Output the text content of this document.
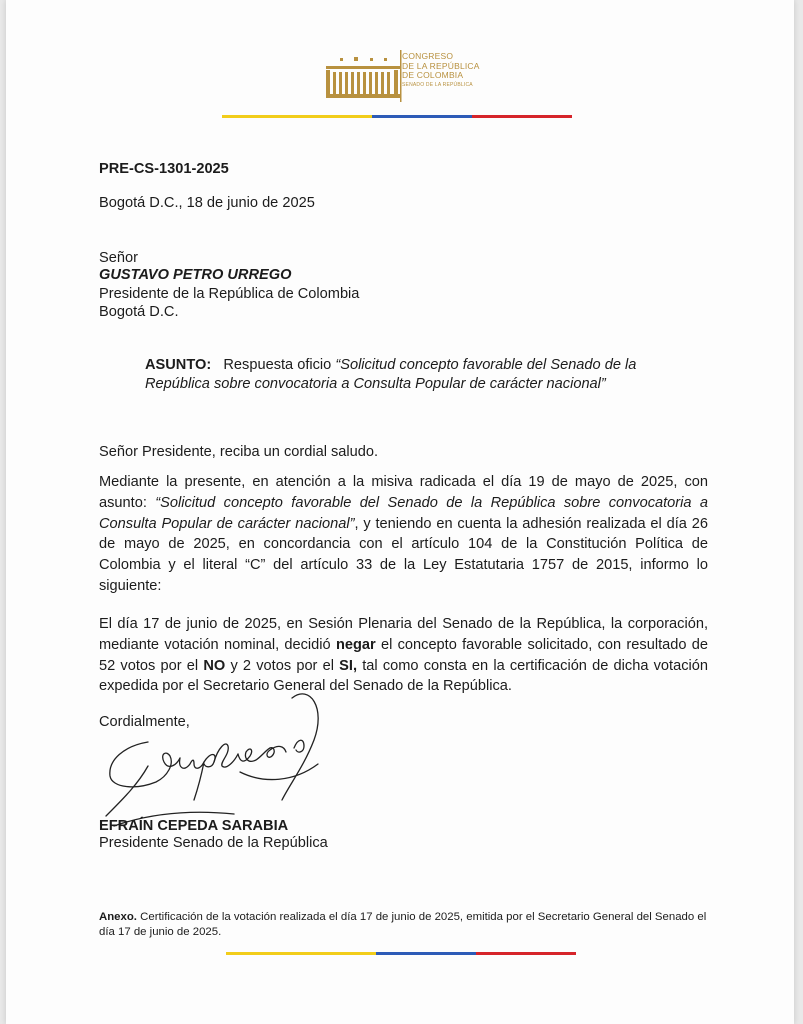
CONGRESO
DE LA REPÚBLICA
DE COLOMBIA
SENADO DE LA REPÚBLICA
PRE-CS-1301-2025
Bogotá D.C., 18 de junio de 2025
Señor
GUSTAVO PETRO URREGO
Presidente de la República de Colombia
Bogotá D.C.
ASUNTO: Respuesta oficio “Solicitud concepto favorable del Senado de la República sobre convocatoria a Consulta Popular de carácter nacional”
Señor Presidente, reciba un cordial saludo.
Mediante la presente, en atención a la misiva radicada el día 19 de mayo de 2025, con asunto: “Solicitud concepto favorable del Senado de la República sobre convocatoria a Consulta Popular de carácter nacional”, y teniendo en cuenta la adhesión realizada el día 26 de mayo de 2025, en concordancia con el artículo 104 de la Constitución Política de Colombia y el literal “C” del artículo 33 de la Ley Estatutaria 1757 de 2015, informo lo siguiente:
El día 17 de junio de 2025, en Sesión Plenaria del Senado de la República, la corporación, mediante votación nominal, decidió negar el concepto favorable solicitado, con resultado de 52 votos por el NO y 2 votos por el SI, tal como consta en la certificación de dicha votación expedida por el Secretario General del Senado de la República.
Cordialmente,
EFRAÍN CEPEDA SARABIA
Presidente Senado de la República
Anexo. Certificación de la votación realizada el día 17 de junio de 2025, emitida por el Secretario General del Senado el día 17 de junio de 2025.
